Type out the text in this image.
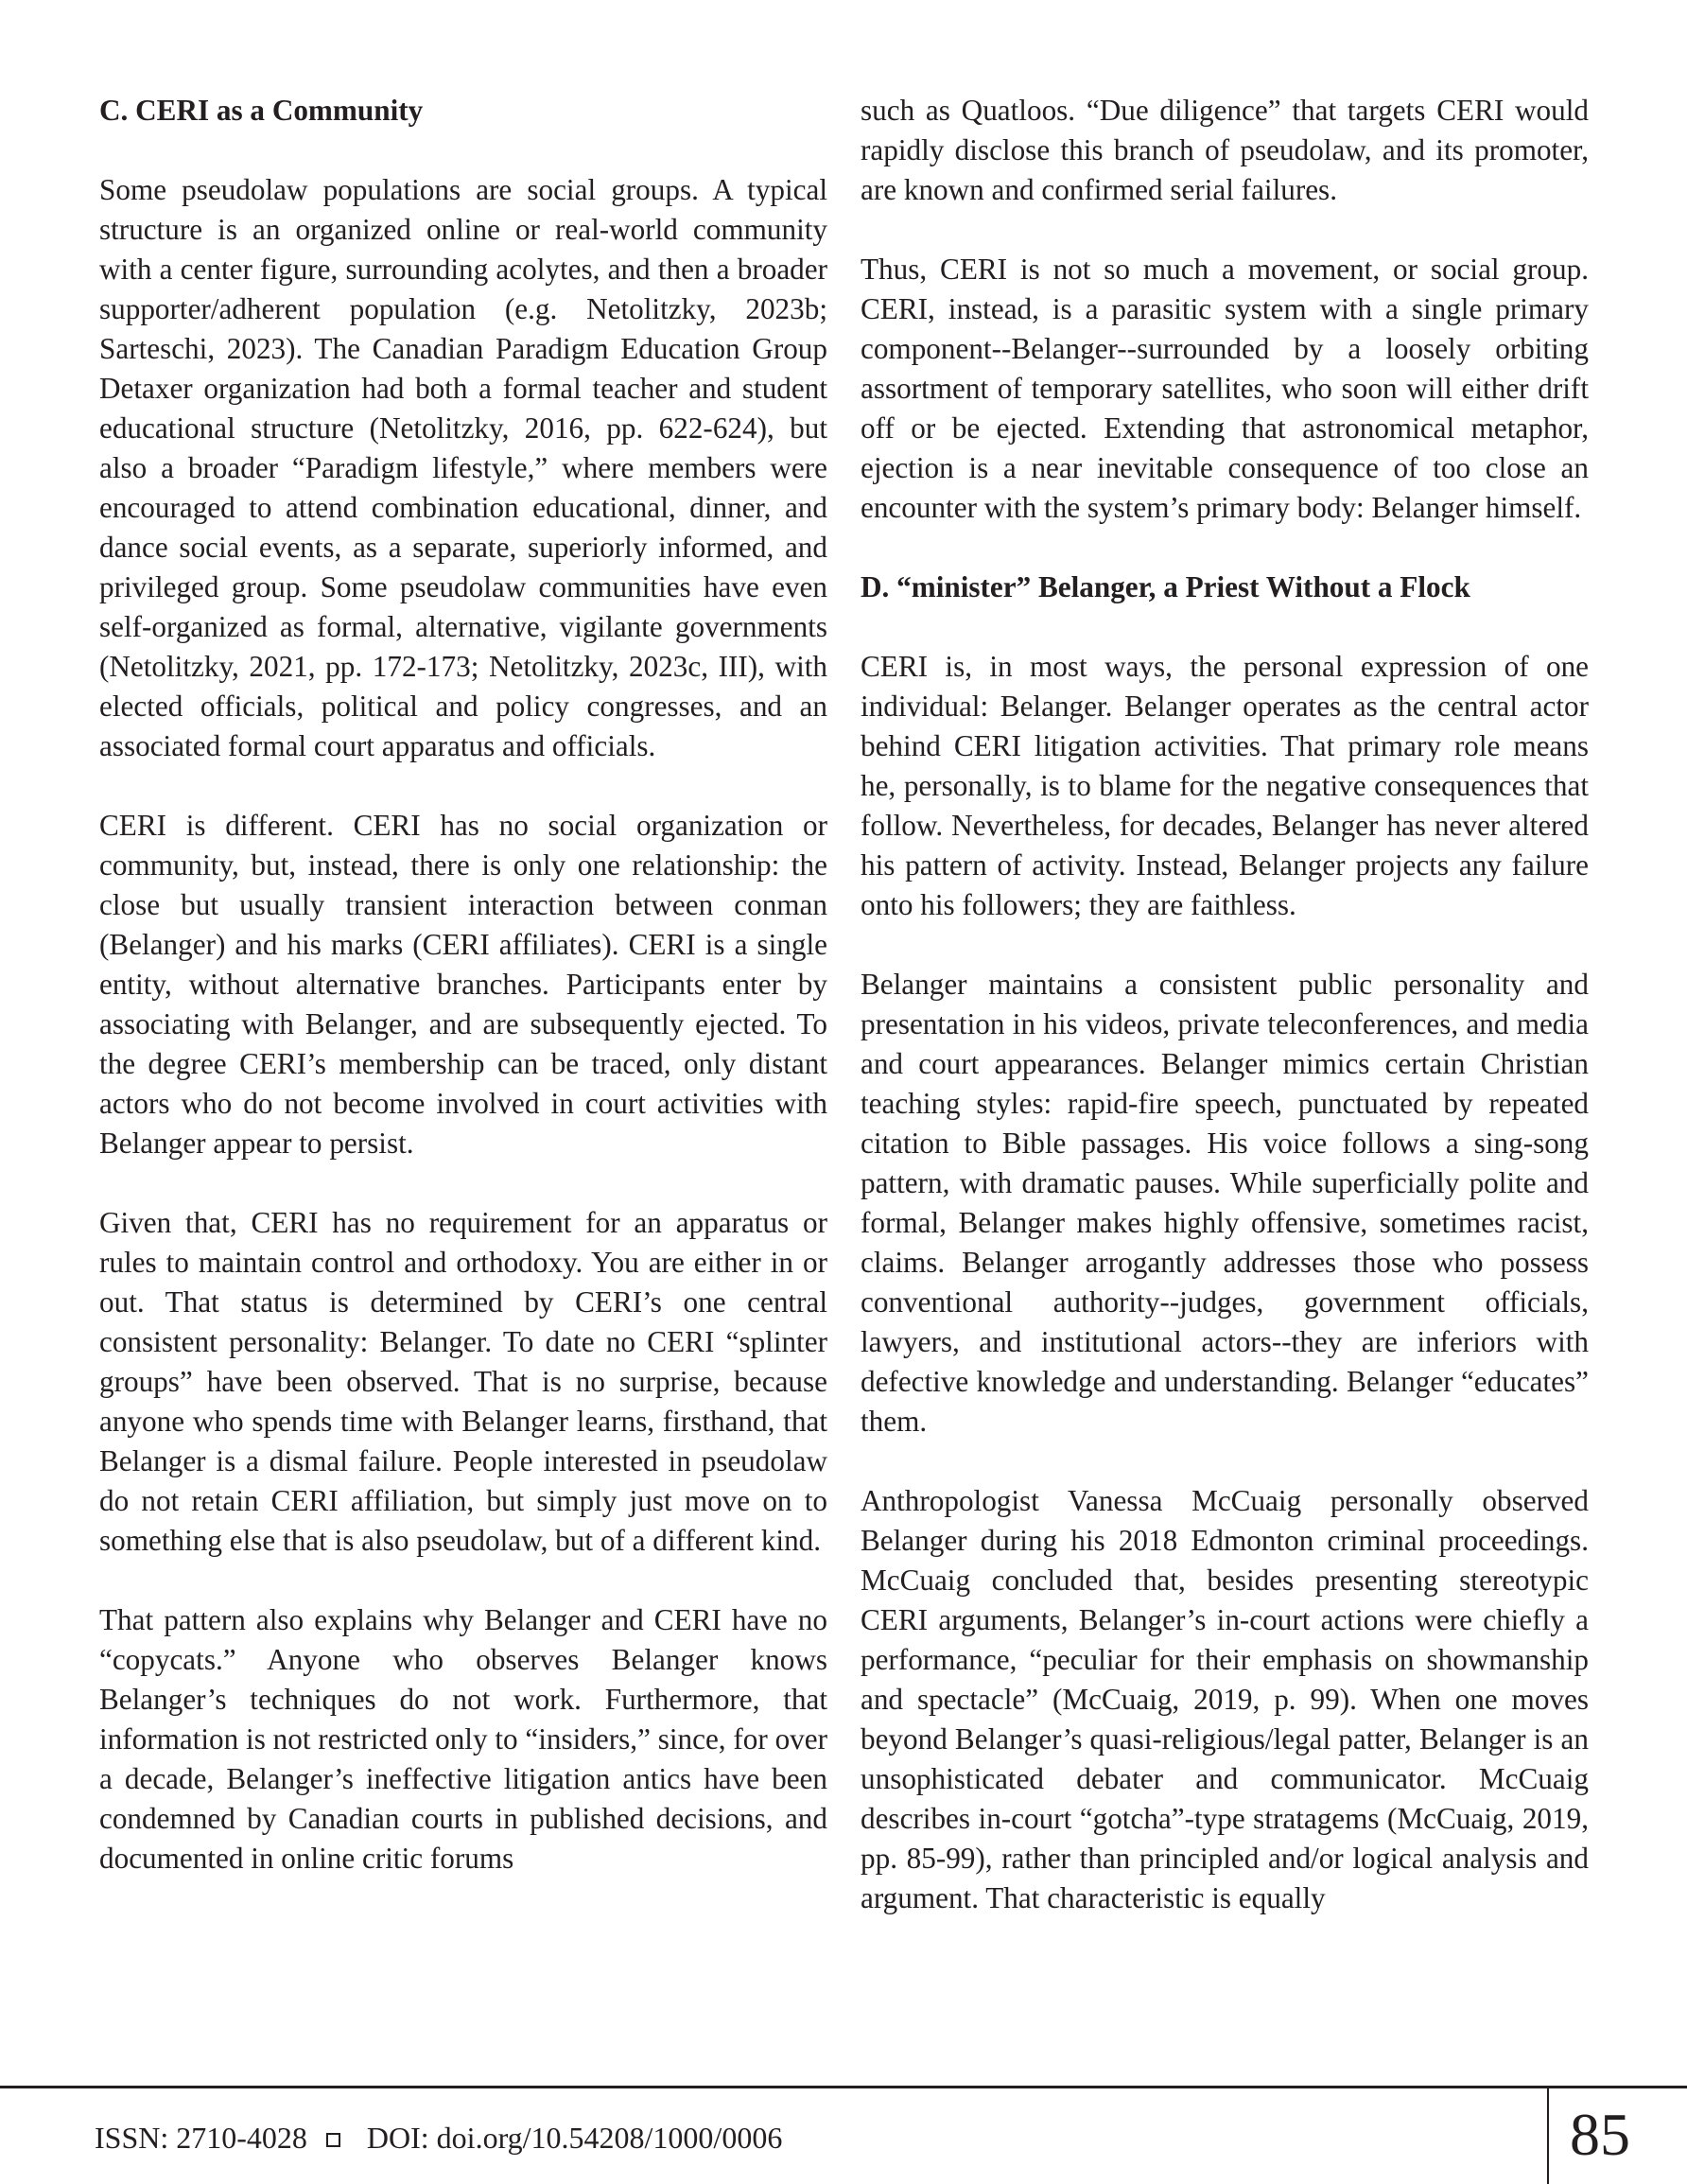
C. CERI as a Community

Some pseudolaw populations are social groups. A typical structure is an organized online or real-world community with a center figure, surrounding acolytes, and then a broader supporter/adherent population (e.g. Netolitzky, 2023b; Sarteschi, 2023). The Canadian Paradigm Education Group Detaxer organization had both a formal teacher and student educational structure (Netolitzky, 2016, pp. 622-624), but also a broader “Paradigm lifestyle,” where members were encouraged to attend combination educational, dinner, and dance social events, as a separate, superiorly informed, and privileged group. Some pseudolaw communities have even self-organized as formal, alternative, vigilante governments (Netolitzky, 2021, pp. 172-173; Netolitzky, 2023c, III), with elected officials, political and policy congresses, and an associated formal court apparatus and officials.

CERI is different. CERI has no social organization or community, but, instead, there is only one relationship: the close but usually transient interaction between conman (Belanger) and his marks (CERI affiliates). CERI is a single entity, without alternative branches. Participants enter by associating with Belanger, and are subsequently ejected. To the degree CERI’s membership can be traced, only distant actors who do not become involved in court activities with Belanger appear to persist.

Given that, CERI has no requirement for an apparatus or rules to maintain control and orthodoxy. You are either in or out. That status is determined by CERI’s one central consistent personality: Belanger. To date no CERI “splinter groups” have been observed. That is no surprise, because anyone who spends time with Belanger learns, firsthand, that Belanger is a dismal failure. People interested in pseudolaw do not retain CERI affiliation, but simply just move on to something else that is also pseudolaw, but of a different kind.

That pattern also explains why Belanger and CERI have no “copycats.” Anyone who observes Belanger knows Belanger’s techniques do not work. Furthermore, that information is not restricted only to “insiders,” since, for over a decade, Belanger’s ineffective litigation antics have been condemned by Canadian courts in published decisions, and documented in online critic forums

such as Quatloos. “Due diligence” that targets CERI would rapidly disclose this branch of pseudolaw, and its promoter, are known and confirmed serial failures.

Thus, CERI is not so much a movement, or social group. CERI, instead, is a parasitic system with a single primary component--Belanger--surrounded by a loosely orbiting assortment of temporary satellites, who soon will either drift off or be ejected. Extending that astronomical metaphor, ejection is a near inevitable consequence of too close an encounter with the system’s primary body: Belanger himself.

D. “minister” Belanger, a Priest Without a Flock

CERI is, in most ways, the personal expression of one individual: Belanger. Belanger operates as the central actor behind CERI litigation activities. That primary role means he, personally, is to blame for the negative consequences that follow. Nevertheless, for decades, Belanger has never altered his pattern of activity. Instead, Belanger projects any failure onto his followers; they are faithless.

Belanger maintains a consistent public personality and presentation in his videos, private teleconferences, and media and court appearances. Belanger mimics certain Christian teaching styles: rapid-fire speech, punctuated by repeated citation to Bible passages. His voice follows a sing-song pattern, with dramatic pauses. While superficially polite and formal, Belanger makes highly offensive, sometimes racist, claims. Belanger arrogantly addresses those who possess conventional authority--judges, government officials, lawyers, and institutional actors--they are inferiors with defective knowledge and understanding. Belanger “educates” them.

Anthropologist Vanessa McCuaig personally observed Belanger during his 2018 Edmonton criminal proceedings. McCuaig concluded that, besides presenting stereotypic CERI arguments, Belanger’s in-court actions were chiefly a performance, “peculiar for their emphasis on showmanship and spectacle” (McCuaig, 2019, p. 99). When one moves beyond Belanger’s quasi-religious/legal patter, Belanger is an unsophisticated debater and communicator. McCuaig describes in-court “gotcha”-type stratagems (McCuaig, 2019, pp. 85-99), rather than principled and/or logical analysis and argument. That characteristic is equally

ISSN: 2710-4028 DOI: doi.org/10.54208/1000/0006	85
